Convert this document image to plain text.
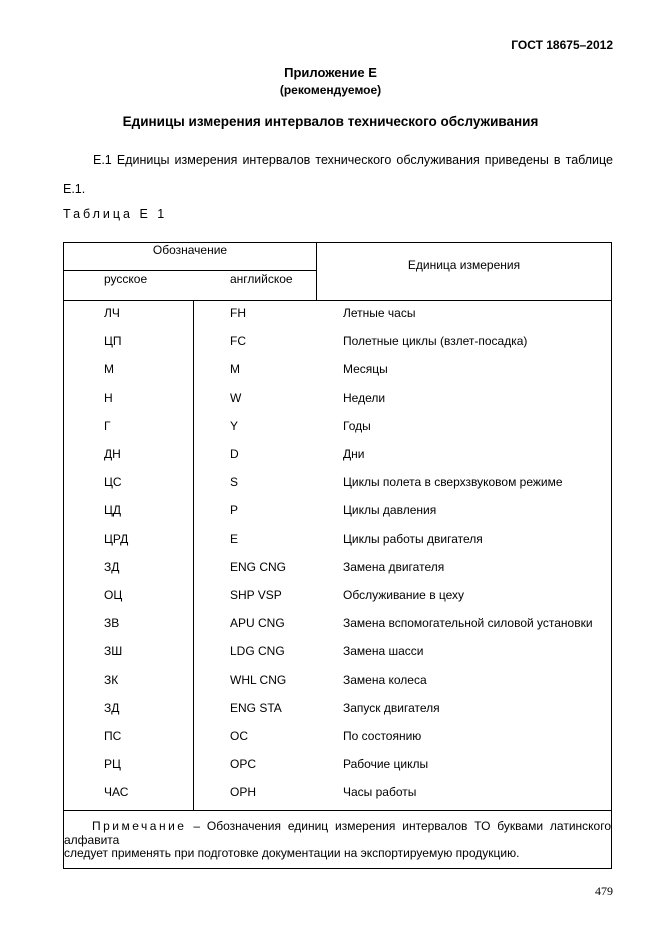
ГОСТ 18675–2012
Приложение Е
(рекомендуемое)
Единицы измерения интервалов технического обслуживания
Е.1 Единицы измерения интервалов технического обслуживания приведены в таблице Е.1.
Таблица Е 1
Обозначение
русское	английское
Единица измерения
ЛЧ	FH	Летные часы
ЦП	FC	Полетные циклы (взлет-посадка)
М	M	Месяцы
Н	W	Недели
Г	Y	Годы
ДН	D	Дни
ЦС	S	Циклы полета в сверхзвуковом режиме
ЦД	P	Циклы давления
ЦРД	E	Циклы работы двигателя
ЗД	ENG CNG	Замена двигателя
ОЦ	SHP VSP	Обслуживание в цеху
ЗВ	APU CNG	Замена вспомогательной силовой установки
ЗШ	LDG CNG	Замена шасси
ЗК	WHL CNG	Замена колеса
ЗД	ENG STA	Запуск двигателя
ПС	OC	По состоянию
РЦ	OPC	Рабочие циклы
ЧАС	OPH	Часы работы
Примечание – Обозначения единиц измерения интервалов ТО буквами латинского алфавита
следует применять при подготовке документации на экспортируемую продукцию.
479
